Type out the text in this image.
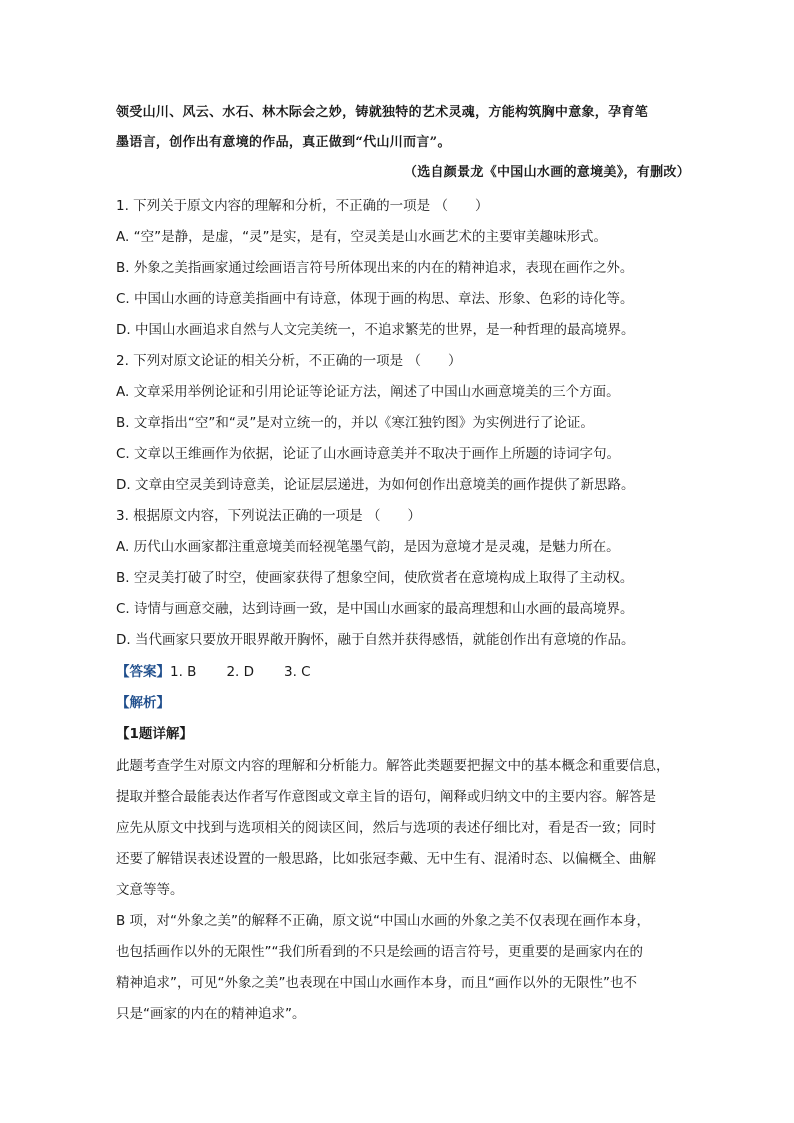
领受山川、风云、水石、林木际会之妙，铸就独特的艺术灵魂，方能构筑胸中意象，孕育笔
墨语言，创作出有意境的作品，真正做到“代山川而言”。
（选自颜景龙《中国山水画的意境美》，有删改）
1. 下列关于原文内容的理解和分析，不正确的一项是 （　　）
A. “空”是静，是虚，“灵”是实，是有，空灵美是山水画艺术的主要审美趣味形式。
B. 外象之美指画家通过绘画语言符号所体现出来的内在的精神追求，表现在画作之外。
C. 中国山水画的诗意美指画中有诗意，体现于画的构思、章法、形象、色彩的诗化等。
D. 中国山水画追求自然与人文完美统一，不追求繁芜的世界，是一种哲理的最高境界。
2. 下列对原文论证的相关分析，不正确的一项是 （　　）
A. 文章采用举例论证和引用论证等论证方法，阐述了中国山水画意境美的三个方面。
B. 文章指出“空”和“灵”是对立统一的，并以《寒江独钓图》为实例进行了论证。
C. 文章以王维画作为依据，论证了山水画诗意美并不取决于画作上所题的诗词字句。
D. 文章由空灵美到诗意美，论证层层递进，为如何创作出意境美的画作提供了新思路。
3. 根据原文内容，下列说法正确的一项是 （　　）
A. 历代山水画家都注重意境美而轻视笔墨气韵，是因为意境才是灵魂，是魅力所在。
B. 空灵美打破了时空，使画家获得了想象空间，使欣赏者在意境构成上取得了主动权。
C. 诗情与画意交融，达到诗画一致，是中国山水画家的最高理想和山水画的最高境界。
D. 当代画家只要放开眼界敞开胸怀，融于自然并获得感悟，就能创作出有意境的作品。
【答案】1. B 2. D 3. C
【解析】
【1题详解】
此题考查学生对原文内容的理解和分析能力。解答此类题要把握文中的基本概念和重要信息，
提取并整合最能表达作者写作意图或文章主旨的语句，阐释或归纳文中的主要内容。解答是
应先从原文中找到与选项相关的阅读区间，然后与选项的表述仔细比对，看是否一致；同时
还要了解错误表述设置的一般思路，比如张冠李戴、无中生有、混淆时态、以偏概全、曲解
文意等等。
B 项，对“外象之美”的解释不正确，原文说“中国山水画的外象之美不仅表现在画作本身，
也包括画作以外的无限性”“我们所看到的不只是绘画的语言符号，更重要的是画家内在的
精神追求”，可见“外象之美”也表现在中国山水画作本身，而且“画作以外的无限性”也不
只是“画家的内在的精神追求”。
